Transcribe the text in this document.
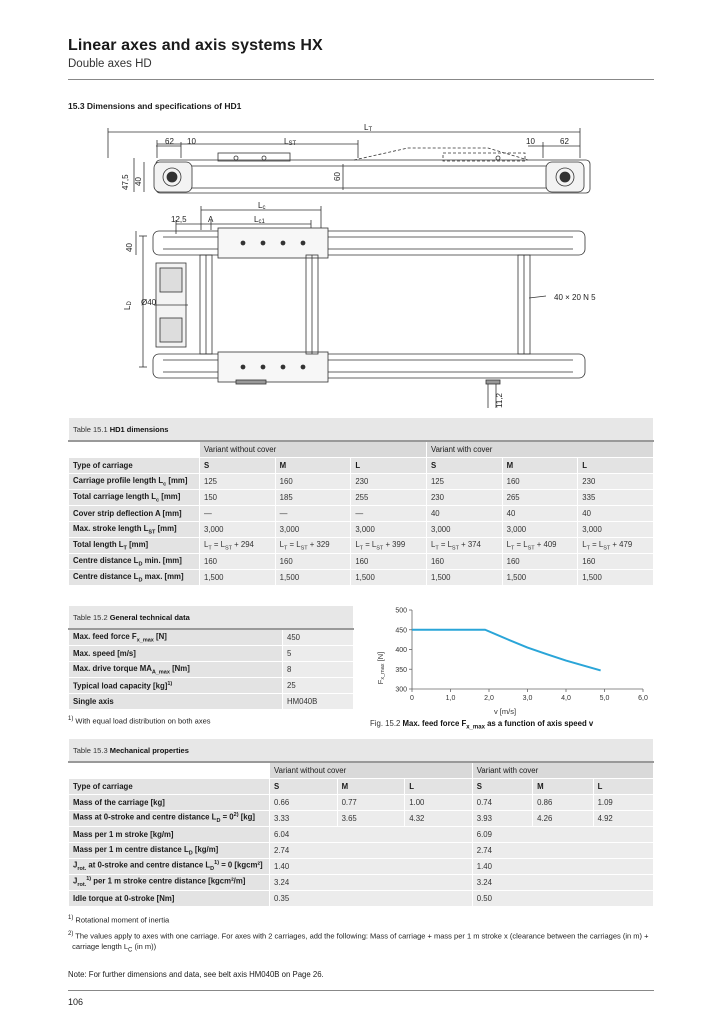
Linear axes and axis systems HX
Double axes HD
15.3 Dimensions and specifications of HD1
62 10	LST
LT
10	62
47,5 40
60
Lc
Lc1
12,5	A
40
LD Ø40
40 × 20 N 5
11,2
Table 15.1 HD1 dimensions						
	Variant without cover			Variant with cover		
Type of carriage	S	M	L	S	M	L
Carriage profile length $L_c$ [mm]	125	160	230	125	160	230
Total carriage length $L_c$ [mm]	150	185	255	230	265	335
Cover strip deflection A [mm]	—	—	—	40	40	40
Max. stroke length $L_{ST}$ [mm]	3,000	3,000	3,000	3,000	3,000	3,000
Total length $L_T$ [mm]	$L_T = L_{ST} + 294$	$L_T = L_{ST} + 329$	$L_T = L_{ST} + 399$	$L_T = L_{ST} + 374$	$L_T = L_{ST} + 409$	$L_T = L_{ST} + 479$
Centre distance $L_D$ min. [mm]	160	160	160	160	160	160
Centre distance $L_D$ max. [mm]	1,500	1,500	1,500	1,500	1,500	1,500
Table 15.2 General technical data	
Max. feed force $F_{x\_max}$ [N]	450
Max. speed [m/s]	5
Max. drive torque $MA_{A\_max}$ [Nm]	8
Typical load capacity [kg]$^{1)}$	25
Single axis	HM040B
$^{1)}$ With equal load distribution on both axes
300
350
400
450
500
0	1,0	2,0	3,0	4,0	5,0	6,0
Fx_max [N]
v [m/s]
Fig. 15.2 Max. feed force $F_{x\_max}$ as a function of axis speed v
Table 15.3 Mechanical properties						
	Variant without cover			Variant with cover		
Type of carriage	S	M	L	S	M	L
Mass of the carriage [kg]	0.66	0.77	1.00	0.74	0.86	1.09
Mass at 0-stroke and centre distance $L_D = 0^{2)}$ [kg]	3.33	3.65	4.32	3.93	4.26	4.92
Mass per 1 m stroke [kg/m]	6.04			6.09		
Mass per 1 m centre distance $L_D$ [kg/m]	2.74			2.74		
$J_{rot.}$ at 0-stroke and centre distance $L_D^{1)} = 0$ [kgcm²]	1.40			1.40		
$J_{rot.}^{1)}$ per 1 m stroke centre distance [kgcm²/m]	3.24			3.24		
Idle torque at 0-stroke [Nm]	0.35			0.50		
$^{1)}$ Rotational moment of inertia
$^{2)}$ The values apply to axes with one carriage. For axes with 2 carriages, add the following: Mass of carriage + mass per 1 m stroke x (clearance between the carriages (in m) +
carriage length $L_C$ (in m))
Note: For further dimensions and data, see belt axis HM040B on Page 26.
106
